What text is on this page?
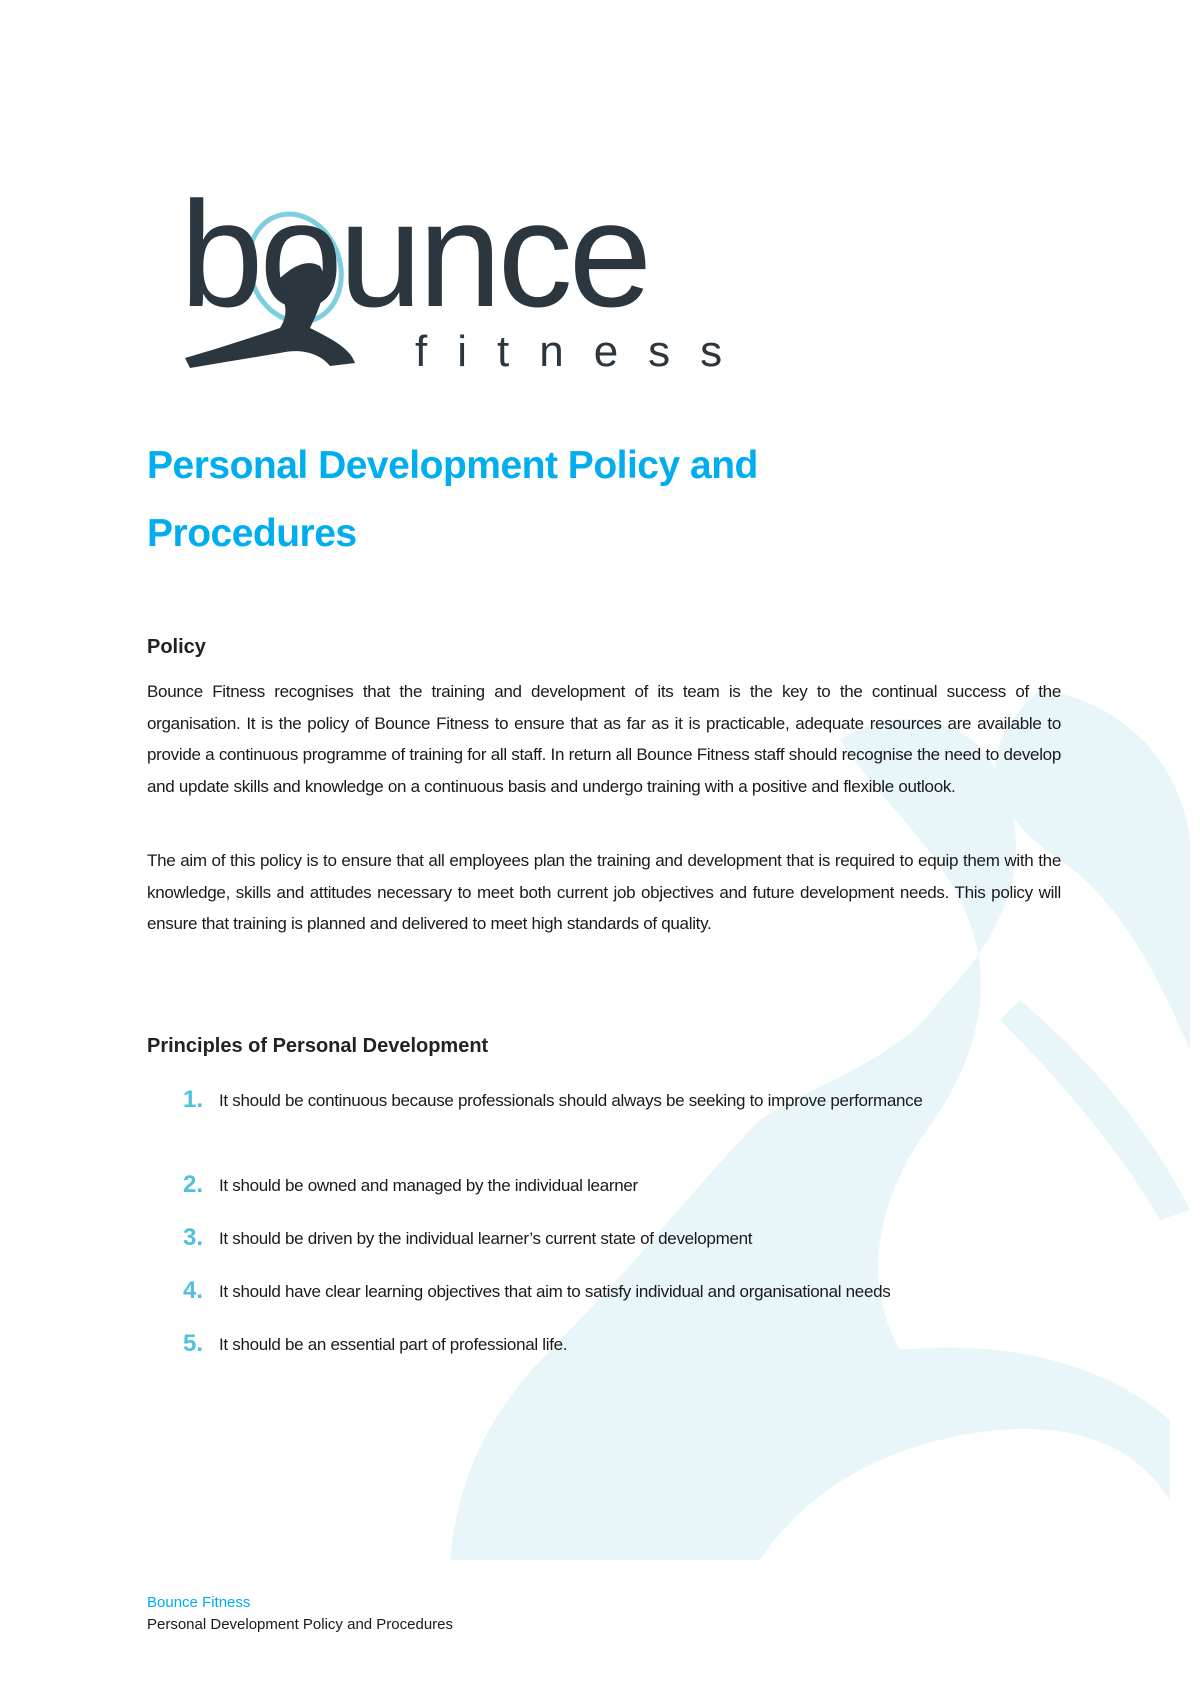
bounce
fitness
Personal Development Policy and
Procedures
Policy

Bounce Fitness recognises that the training and development of its team is the key to the continual success of the organisation. It is the policy of Bounce Fitness to ensure that as far as it is practicable, adequate resources are available to provide a continuous programme of training for all staff. In return all Bounce Fitness staff should recognise the need to develop and update skills and knowledge on a continuous basis and undergo training with a positive and flexible outlook.

The aim of this policy is to ensure that all employees plan the training and development that is required to equip them with the knowledge, skills and attitudes necessary to meet both current job objectives and future development needs. This policy will ensure that training is planned and delivered to meet high standards of quality.

Principles of Personal Development
1. It should be continuous because professionals should always be seeking to improve performance
2. It should be owned and managed by the individual learner
3. It should be driven by the individual learner’s current state of development
4. It should have clear learning objectives that aim to satisfy individual and organisational needs
5. It should be an essential part of professional life.
Bounce Fitness
Personal Development Policy and Procedures
